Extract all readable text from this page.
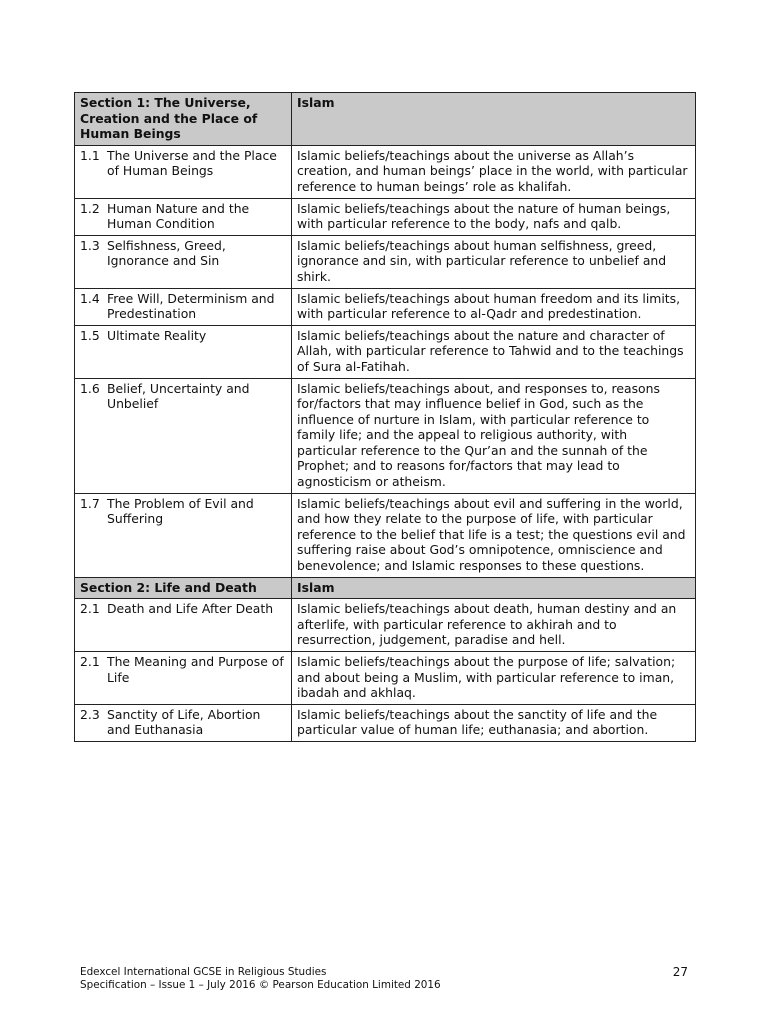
Section 1: The Universe, Creation and the Place of Human Beings	Islam

1.1 The Universe and the Place of Human Beings	Islamic beliefs/teachings about the universe as Allah’s creation, and human beings’ place in the world, with particular reference to human beings’ role as khalifah.

1.2 Human Nature and the Human Condition	Islamic beliefs/teachings about the nature of human beings, with particular reference to the body, nafs and qalb.

1.3 Selfishness, Greed, Ignorance and Sin	Islamic beliefs/teachings about human selfishness, greed, ignorance and sin, with particular reference to unbelief and shirk.

1.4 Free Will, Determinism and Predestination	Islamic beliefs/teachings about human freedom and its limits, with particular reference to al-Qadr and predestination.

1.5 Ultimate Reality	Islamic beliefs/teachings about the nature and character of Allah, with particular reference to Tahwid and to the teachings of Sura al-Fatihah.

1.6 Belief, Uncertainty and Unbelief	Islamic beliefs/teachings about, and responses to, reasons for/factors that may influence belief in God, such as the influence of nurture in Islam, with particular reference to family life; and the appeal to religious authority, with particular reference to the Qur’an and the sunnah of the Prophet; and to reasons for/factors that may lead to agnosticism or atheism.

1.7 The Problem of Evil and Suffering	Islamic beliefs/teachings about evil and suffering in the world, and how they relate to the purpose of life, with particular reference to the belief that life is a test; the questions evil and suffering raise about God’s omnipotence, omniscience and benevolence; and Islamic responses to these questions.
Section 2: Life and Death	Islam

2.1 Death and Life After Death	Islamic beliefs/teachings about death, human destiny and an afterlife, with particular reference to akhirah and to resurrection, judgement, paradise and hell.

2.1 The Meaning and Purpose of Life	Islamic beliefs/teachings about the purpose of life; salvation; and about being a Muslim, with particular reference to iman, ibadah and akhlaq.

2.3 Sanctity of Life, Abortion and Euthanasia	Islamic beliefs/teachings about the sanctity of life and the particular value of human life; euthanasia; and abortion.
Edexcel International GCSE in Religious Studies
Specification – Issue 1 – July 2016 © Pearson Education Limited 2016
27
